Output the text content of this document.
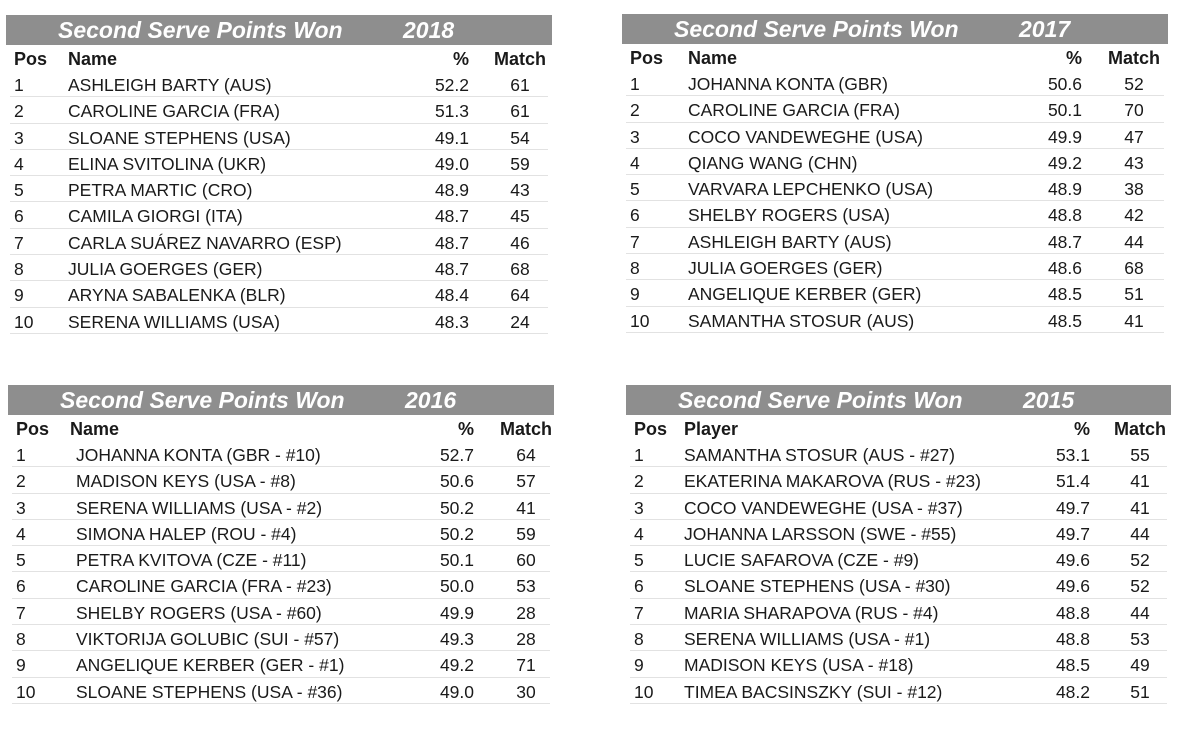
Second Serve Points Won	2018
Pos Name	% Match
1	ASHLEIGH BARTY (AUS)	52.2	61
2	CAROLINE GARCIA (FRA)	51.3	61
3	SLOANE STEPHENS (USA)	49.1	54
4	ELINA SVITOLINA (UKR)	49.0	59
5	PETRA MARTIC (CRO)	48.9	43
6	CAMILA GIORGI (ITA)	48.7	45
7	CARLA SUÁREZ NAVARRO (ESP)	48.7	46
8	JULIA GOERGES (GER)	48.7	68
9	ARYNA SABALENKA (BLR)	48.4	64
10 SERENA WILLIAMS (USA)	48.3	24
Second Serve Points Won	2017
Pos Name	% Match
1	JOHANNA KONTA (GBR)	50.6	52
2	CAROLINE GARCIA (FRA)	50.1	70
3	COCO VANDEWEGHE (USA)	49.9	47
4	QIANG WANG (CHN)	49.2	43
5	VARVARA LEPCHENKO (USA)	48.9	38
6	SHELBY ROGERS (USA)	48.8	42
7	ASHLEIGH BARTY (AUS)	48.7	44
8	JULIA GOERGES (GER)	48.6	68
9	ANGELIQUE KERBER (GER)	48.5	51
10 SAMANTHA STOSUR (AUS)	48.5	41
Second Serve Points Won	2016
Pos Name	% Match
1	JOHANNA KONTA (GBR - #10)	52.7	64
2	MADISON KEYS (USA - #8)	50.6	57
3	SERENA WILLIAMS (USA - #2)	50.2	41
4	SIMONA HALEP (ROU - #4)	50.2	59
5	PETRA KVITOVA (CZE - #11)	50.1	60
6	CAROLINE GARCIA (FRA - #23)	50.0	53
7	SHELBY ROGERS (USA - #60)	49.9	28
8	VIKTORIJA GOLUBIC (SUI - #57)	49.3	28
9	ANGELIQUE KERBER (GER - #1)	49.2	71
10 SLOANE STEPHENS (USA - #36)	49.0	30
Second Serve Points Won	2015
Pos Player	% Match
1 SAMANTHA STOSUR (AUS - #27)	53.1	55
2 EKATERINA MAKAROVA (RUS - #23)	51.4	41
3 COCO VANDEWEGHE (USA - #37)	49.7	41
4 JOHANNA LARSSON (SWE - #55)	49.7	44
5 LUCIE SAFAROVA (CZE - #9)	49.6	52
6 SLOANE STEPHENS (USA - #30)	49.6	52
7 MARIA SHARAPOVA (RUS - #4)	48.8	44
8 SERENA WILLIAMS (USA - #1)	48.8	53
9 MADISON KEYS (USA - #18)	48.5	49
10 TIMEA BACSINSZKY (SUI - #12)	48.2	51
